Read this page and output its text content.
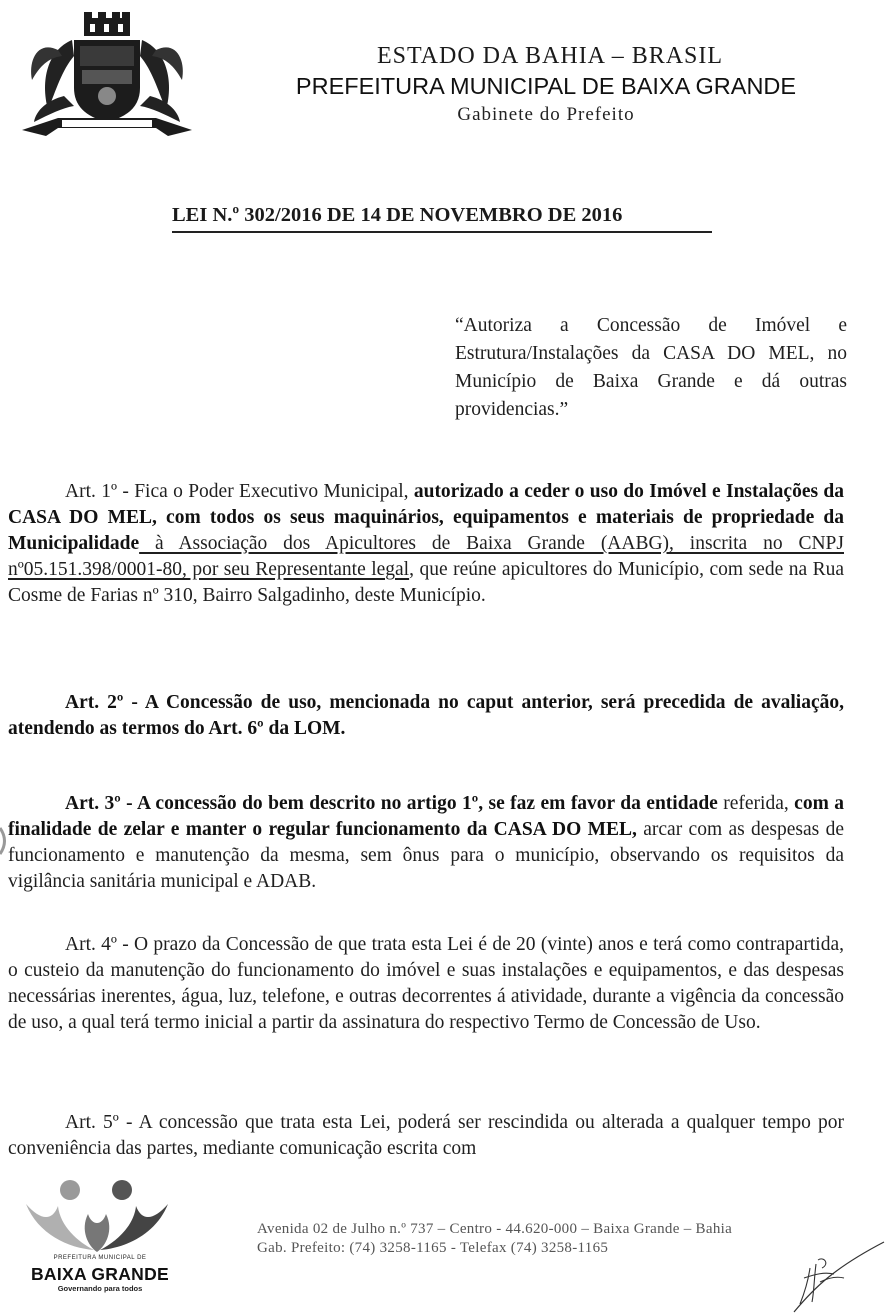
ESTADO DA BAHIA – BRASIL
PREFEITURA MUNICIPAL DE BAIXA GRANDE
Gabinete do Prefeito
LEI N.º 302/2016 DE 14 DE NOVEMBRO DE 2016
“Autoriza a Concessão de Imóvel e Estrutura/Instalações da CASA DO MEL, no Município de Baixa Grande e dá outras providencias.”

Art. 1º - Fica o Poder Executivo Municipal, autorizado a ceder o uso do Imóvel e Instalações da CASA DO MEL, com todos os seus maquinários, equipamentos e materiais de propriedade da Municipalidade à Associação dos Apicultores de Baixa Grande (AABG), inscrita no CNPJ nº05.151.398/0001-80, por seu Representante legal, que reúne apicultores do Município, com sede na Rua Cosme de Farias nº 310, Bairro Salgadinho, deste Município.

Art. 2º - A Concessão de uso, mencionada no caput anterior, será precedida de avaliação, atendendo as termos do Art. 6º da LOM.

Art. 3º - A concessão do bem descrito no artigo 1º, se faz em favor da entidade referida, com a finalidade de zelar e manter o regular funcionamento da CASA DO MEL, arcar com as despesas de funcionamento e manutenção da mesma, sem ônus para o município, observando os requisitos da vigilância sanitária municipal e ADAB.

Art. 4º - O prazo da Concessão de que trata esta Lei é de 20 (vinte) anos e terá como contrapartida, o custeio da manutenção do funcionamento do imóvel e suas instalações e equipamentos, e das despesas necessárias inerentes, água, luz, telefone, e outras decorrentes á atividade, durante a vigência da concessão de uso, a qual terá termo inicial a partir da assinatura do respectivo Termo de Concessão de Uso.

Art. 5º - A concessão que trata esta Lei, poderá ser rescindida ou alterada a qualquer tempo por conveniência das partes, mediante comunicação escrita com

PREFEITURA MUNICIPAL DE
BAIXA GRANDE
Governando para todos
Avenida 02 de Julho n.º 737 – Centro - 44.620-000 – Baixa Grande – Bahia
Gab. Prefeito: (74) 3258-1165 - Telefax (74) 3258-1165
